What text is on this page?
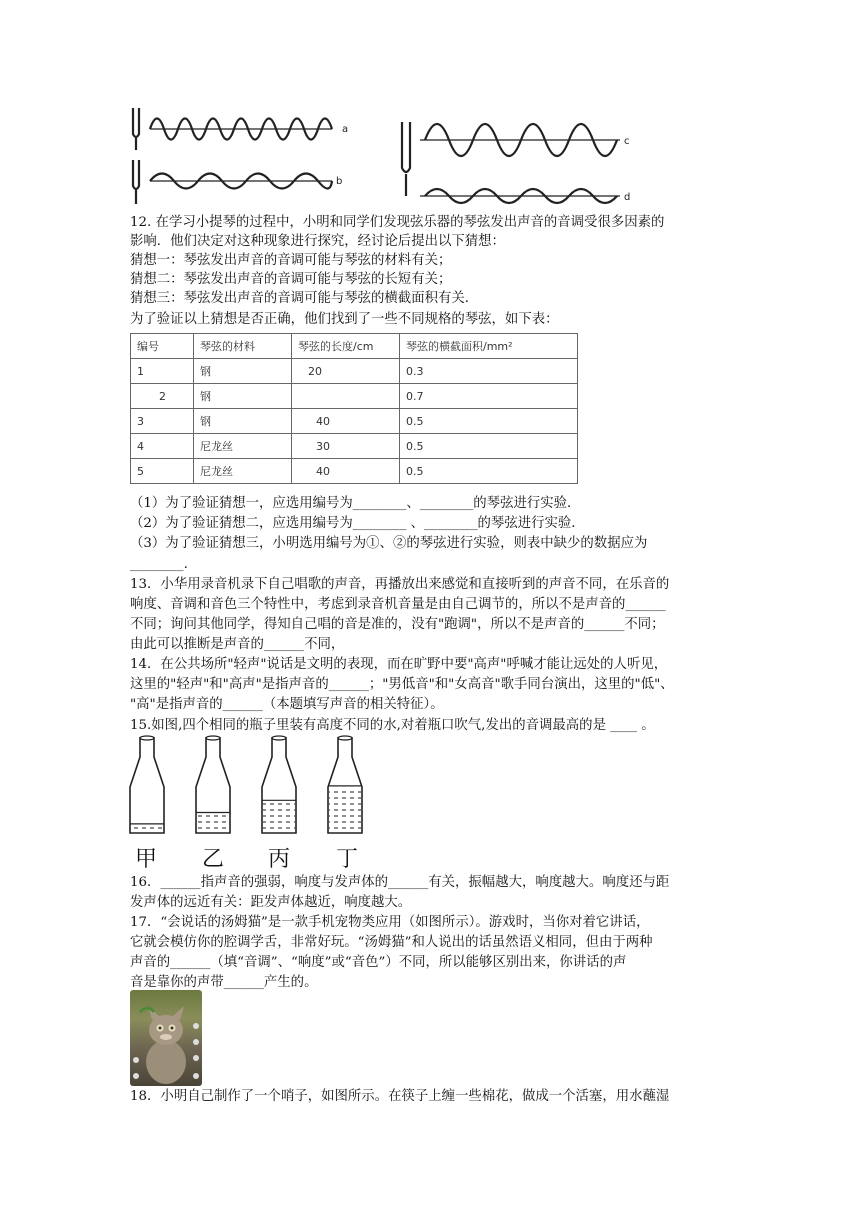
a
b
c
d
12. 在学习小提琴的过程中，小明和同学们发现弦乐器的琴弦发出声音的音调受很多因素的
影响．他们决定对这种现象进行探究，经讨论后提出以下猜想：
猜想一：琴弦发出声音的音调可能与琴弦的材料有关；
猜想二：琴弦发出声音的音调可能与琴弦的长短有关；
猜想三：琴弦发出声音的音调可能与琴弦的横截面积有关．
为了验证以上猜想是否正确，他们找到了一些不同规格的琴弦，如下表：
编号	琴弦的材料	琴弦的长度/cm	琴弦的横截面积/mm²
1	钢	20	0.3
2	钢		0.7
3	钢	40	0.5
4	尼龙丝	30	0.5
5	尼龙丝	40	0.5
（1）为了验证猜想一，应选用编号为________、________的琴弦进行实验．
（2）为了验证猜想二，应选用编号为________ 、________的琴弦进行实验．
（3）为了验证猜想三，小明选用编号为①、②的琴弦进行实验，则表中缺少的数据应为
________.
13．小华用录音机录下自己唱歌的声音，再播放出来感觉和直接听到的声音不同，在乐音的
响度、音调和音色三个特性中，考虑到录音机音量是由自己调节的，所以不是声音的______
不同；询问其他同学，得知自己唱的音是准的，没有"跑调"，所以不是声音的______不同；
由此可以推断是声音的______不同，
14．在公共场所"轻声"说话是文明的表现，而在旷野中要"高声"呼喊才能让远处的人听见，
这里的"轻声"和"高声"是指声音的______；"男低音"和"女高音"歌手同台演出，这里的"低"、
"高"是指声音的______（本题填写声音的相关特征）。
15.如图,四个相同的瓶子里装有高度不同的水,对着瓶口吹气,发出的音调最高的是 ____ 。
甲 乙 丙 丁
16．______指声音的强弱，响度与发声体的______有关，振幅越大，响度越大。响度还与距
发声体的远近有关：距发声体越近，响度越大。
17．“会说话的汤姆猫”是一款手机宠物类应用（如图所示）。游戏时，当你对着它讲话，
它就会模仿你的腔调学舌，非常好玩。“汤姆猫”和人说出的话虽然语义相同，但由于两种
声音的______（填“音调”、“响度”或“音色”）不同，所以能够区别出来，你讲话的声
音是靠你的声带______产生的。
18．小明自己制作了一个哨子，如图所示。在筷子上缠一些棉花，做成一个活塞，用水蘸湿
